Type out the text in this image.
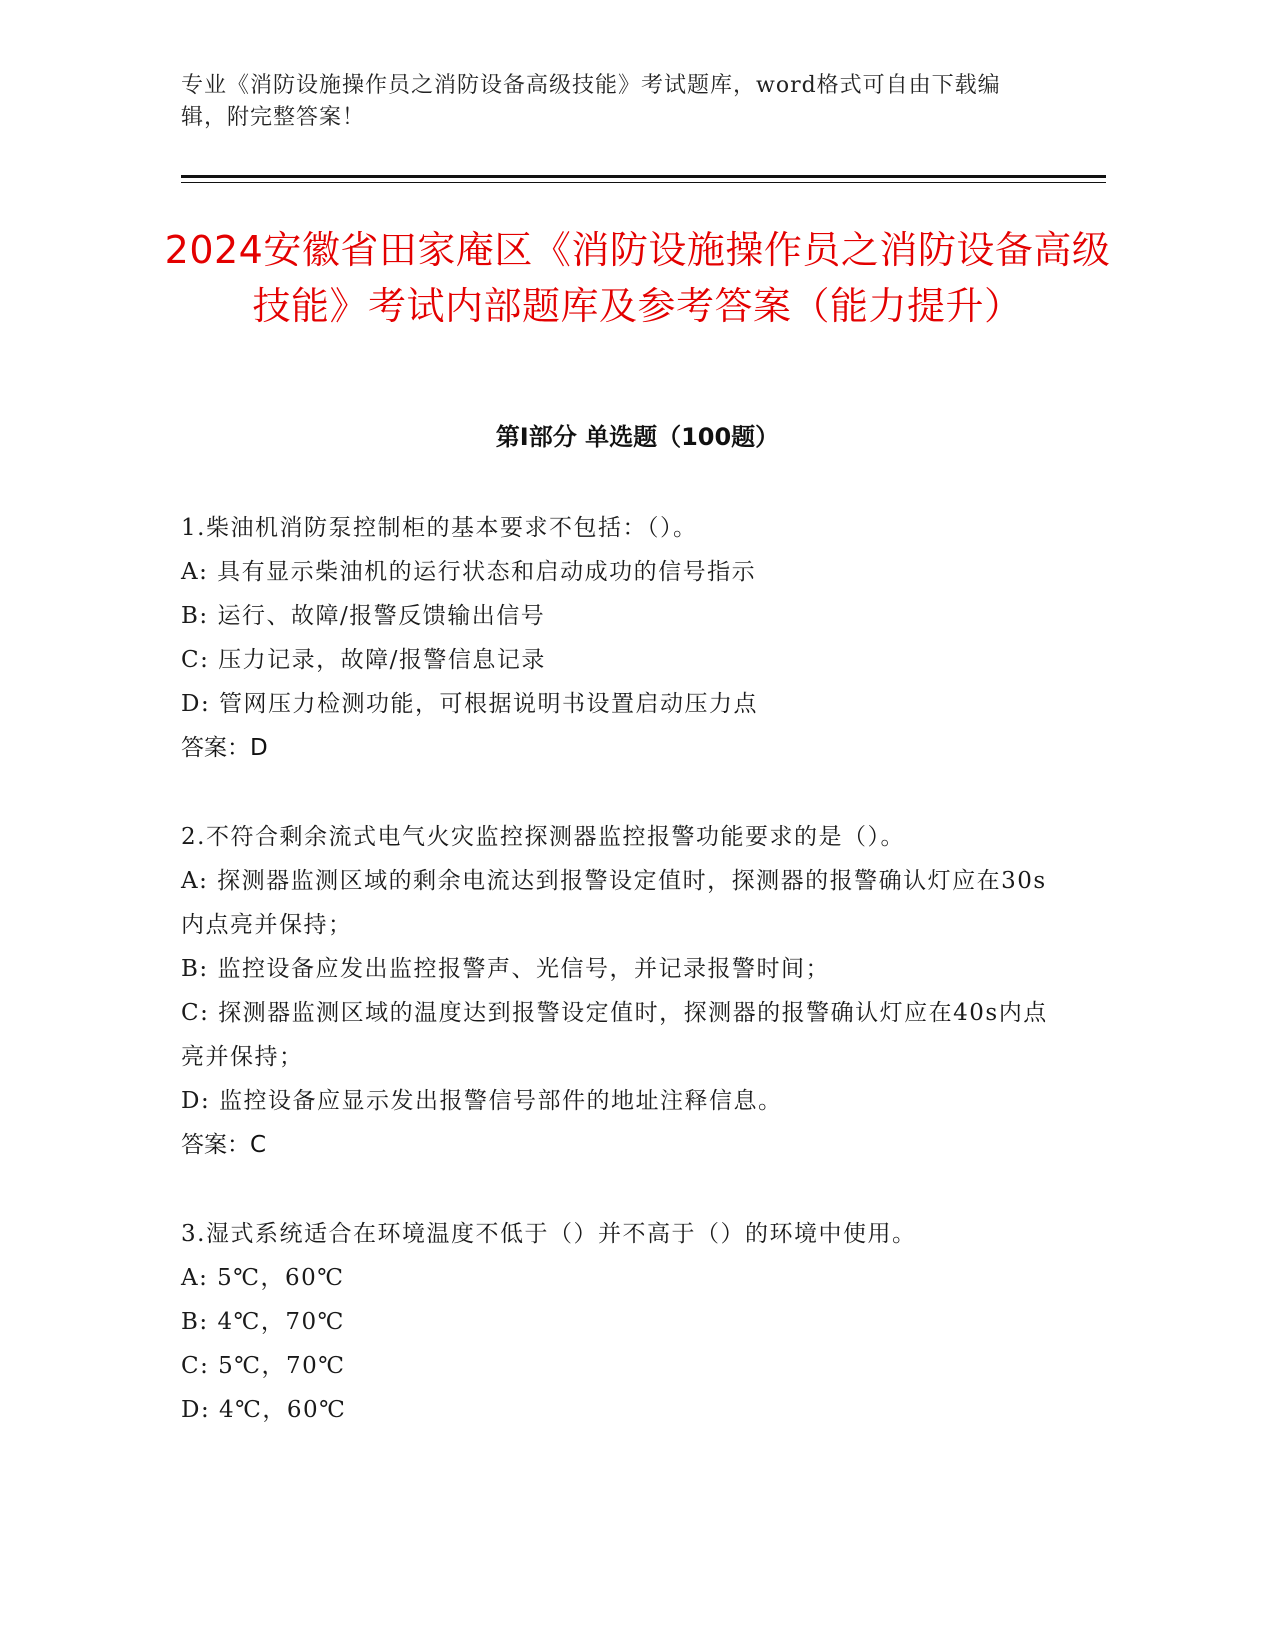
专业《消防设施操作员之消防设备高级技能》考试题库，word格式可自由下载编辑，附完整答案！
2024安徽省田家庵区《消防设施操作员之消防设备高级技能》考试内部题库及参考答案（能力提升）
第I部分 单选题（100题）
1.柴油机消防泵控制柜的基本要求不包括：（）。
A: 具有显示柴油机的运行状态和启动成功的信号指示
B: 运行、故障/报警反馈输出信号
C: 压力记录，故障/报警信息记录
D: 管网压力检测功能，可根据说明书设置启动压力点
答案：D
2.不符合剩余流式电气火灾监控探测器监控报警功能要求的是（）。
A: 探测器监测区域的剩余电流达到报警设定值时，探测器的报警确认灯应在30s内点亮并保持；
B: 监控设备应发出监控报警声、光信号，并记录报警时间；
C: 探测器监测区域的温度达到报警设定值时，探测器的报警确认灯应在40s内点亮并保持；
D: 监控设备应显示发出报警信号部件的地址注释信息。
答案：C
3.湿式系统适合在环境温度不低于（）并不高于（）的环境中使用。
A: 5℃，60℃
B: 4℃，70℃
C: 5℃，70℃
D: 4℃，60℃
